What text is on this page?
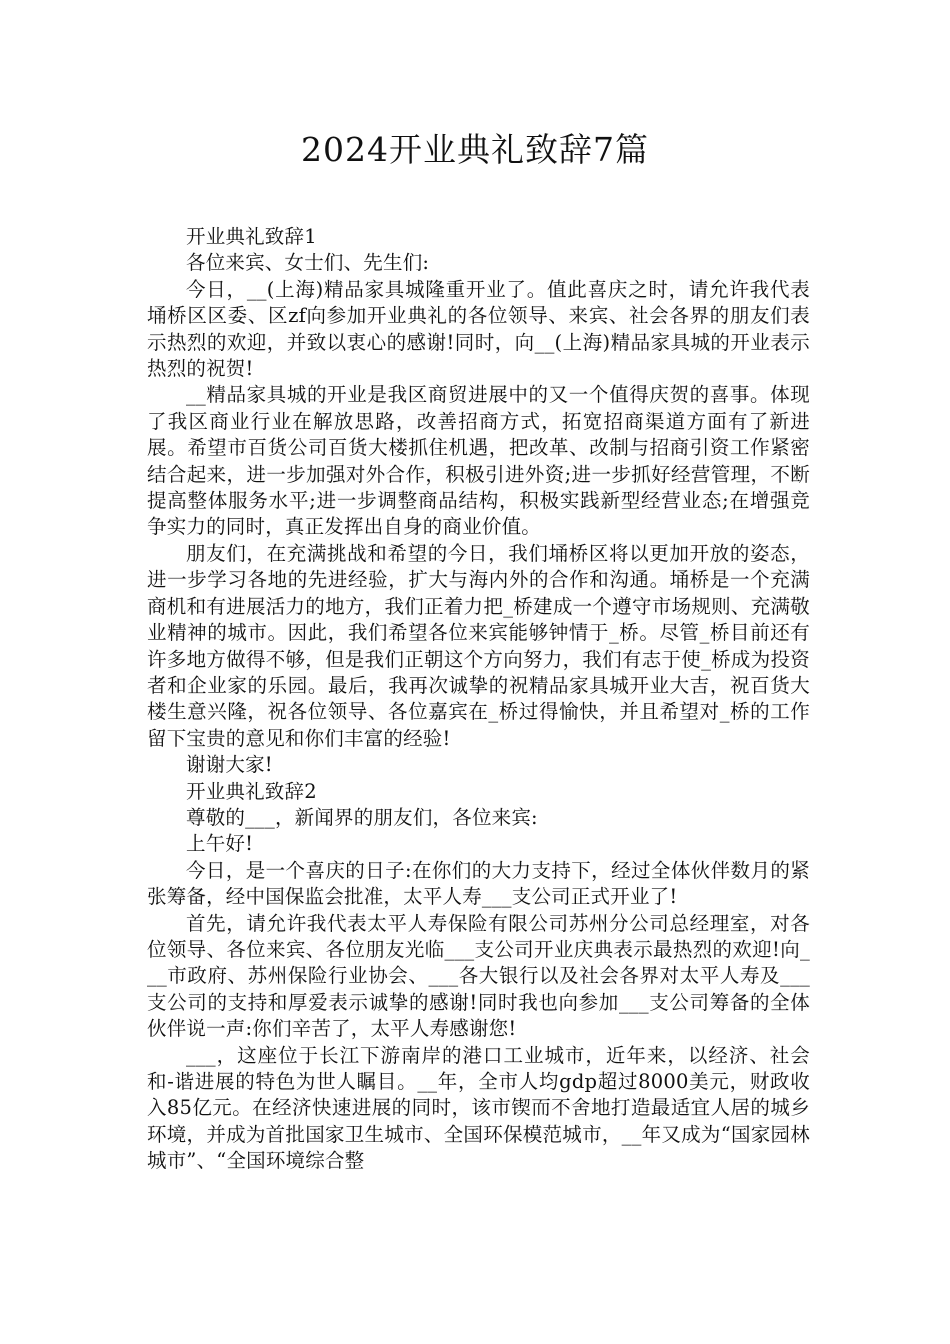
2024开业典礼致辞7篇

开业典礼致辞1

各位来宾、女士们、先生们:

今日，__(上海)精品家具城隆重开业了。值此喜庆之时，请允许我代表埇桥区区委、区zf向参加开业典礼的各位领导、来宾、社会各界的朋友们表示热烈的欢迎，并致以衷心的感谢!同时，向__(上海)精品家具城的开业表示热烈的祝贺!

__精品家具城的开业是我区商贸进展中的又一个值得庆贺的喜事。体现了我区商业行业在解放思路，改善招商方式，拓宽招商渠道方面有了新进展。希望市百货公司百货大楼抓住机遇，把改革、改制与招商引资工作紧密结合起来，进一步加强对外合作，积极引进外资;进一步抓好经营管理，不断提高整体服务水平;进一步调整商品结构，积极实践新型经营业态;在增强竞争实力的同时，真正发挥出自身的商业价值。

朋友们，在充满挑战和希望的今日，我们埇桥区将以更加开放的姿态，进一步学习各地的先进经验，扩大与海内外的合作和沟通。埇桥是一个充满商机和有进展活力的地方，我们正着力把_桥建成一个遵守市场规则、充满敬业精神的城市。因此，我们希望各位来宾能够钟情于_桥。尽管_桥目前还有许多地方做得不够，但是我们正朝这个方向努力，我们有志于使_桥成为投资者和企业家的乐园。最后，我再次诚挚的祝精品家具城开业大吉，祝百货大楼生意兴隆，祝各位领导、各位嘉宾在_桥过得愉快，并且希望对_桥的工作留下宝贵的意见和你们丰富的经验!

谢谢大家!

开业典礼致辞2

尊敬的___，新闻界的朋友们，各位来宾:

上午好!

今日，是一个喜庆的日子:在你们的大力支持下，经过全体伙伴数月的紧张筹备，经中国保监会批准，太平人寿___支公司正式开业了!

首先，请允许我代表太平人寿保险有限公司苏州分公司总经理室，对各位领导、各位来宾、各位朋友光临___支公司开业庆典表示最热烈的欢迎!向___市政府、苏州保险行业协会、___各大银行以及社会各界对太平人寿及___支公司的支持和厚爱表示诚挚的感谢!同时我也向参加___支公司筹备的全体伙伴说一声:你们辛苦了，太平人寿感谢您!

___，这座位于长江下游南岸的港口工业城市，近年来，以经济、社会和-谐进展的特色为世人瞩目。__年，全市人均gdp超过8000美元，财政收入85亿元。在经济快速进展的同时，该市锲而不舍地打造最适宜人居的城乡环境，并成为首批国家卫生城市、全国环保模范城市，__年又成为“国家园林城市”、“全国环境综合整
